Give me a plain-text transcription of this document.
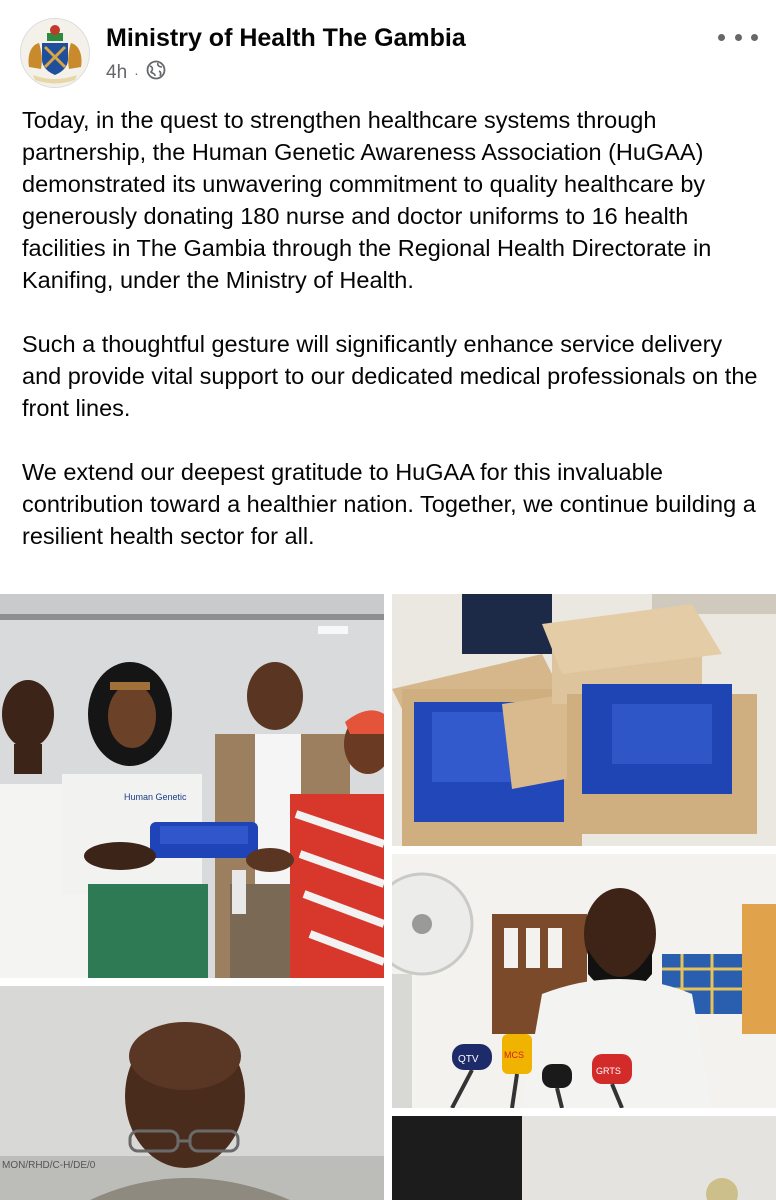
Ministry of Health The Gambia
4h ·

Today, in the quest to strengthen healthcare systems through partnership, the Human Genetic Awareness Association (HuGAA) demonstrated its unwavering commitment to quality healthcare by generously donating 180 nurse and doctor uniforms to 16 health facilities in The Gambia through the Regional Health Directorate in Kanifing, under the Ministry of Health.

Such a thoughtful gesture will significantly enhance service delivery and provide vital support to our dedicated medical professionals on the front lines.

We extend our deepest gratitude to HuGAA for this invaluable contribution toward a healthier nation. Together, we continue building a resilient health sector for all.

Human Genetic
QTV	MCS
GRTS
MON/RHD/C-H/DE/0
